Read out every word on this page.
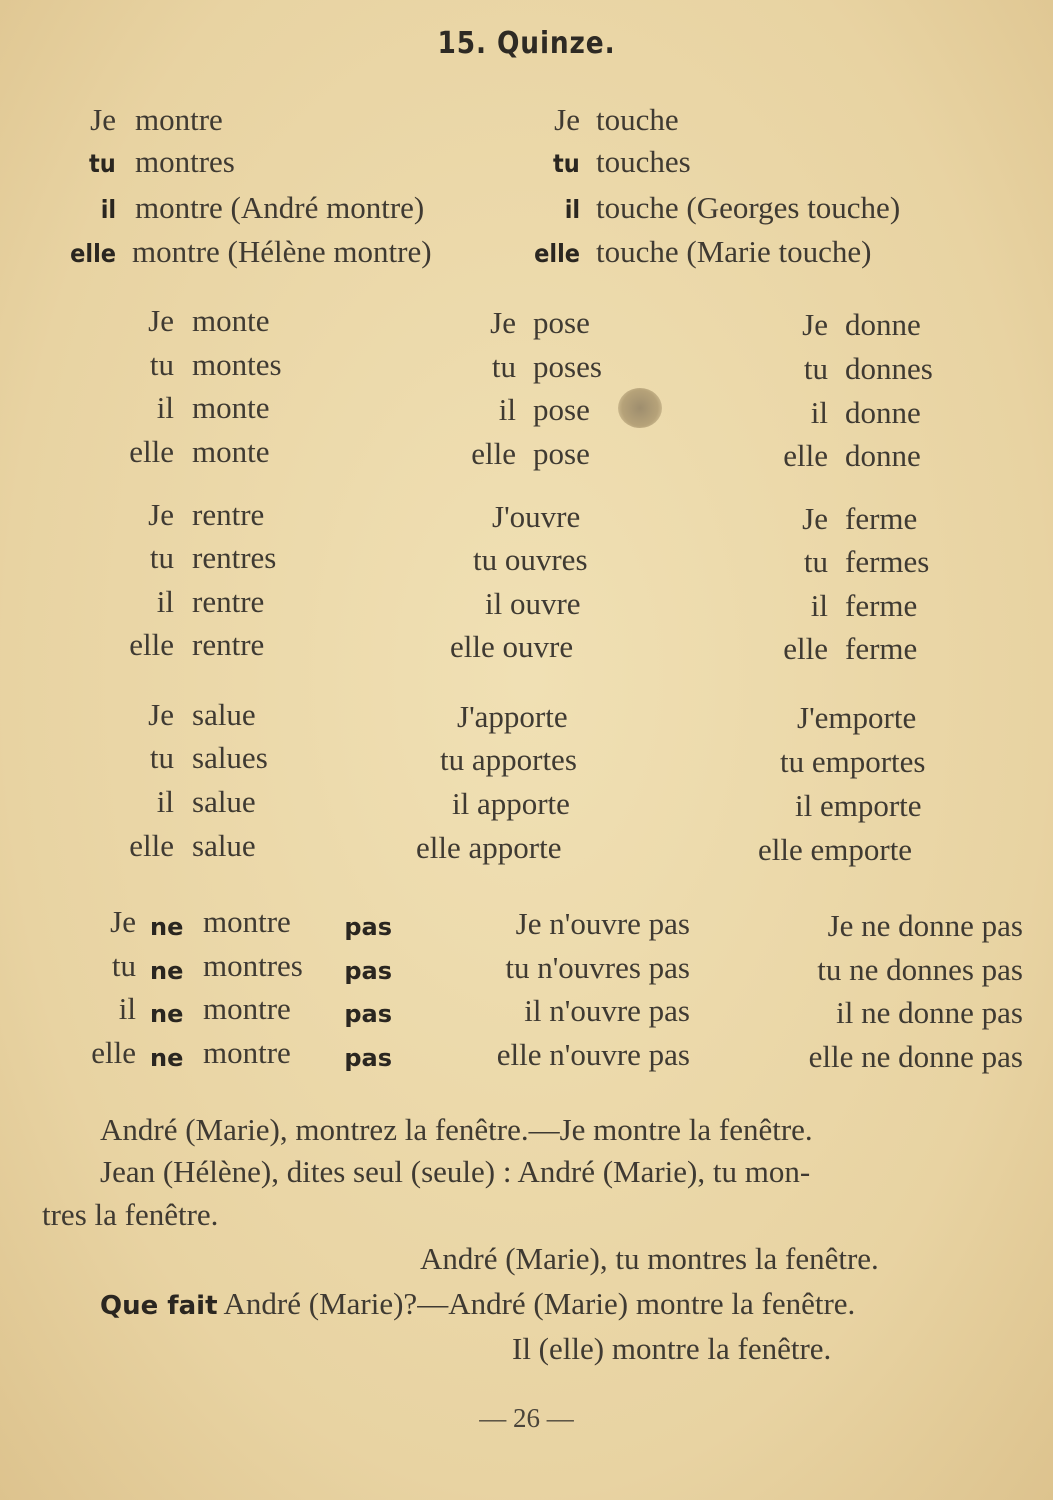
15. Quinze.
Je montre
tu montres
il montre (André montre)
elle montre (Hélène montre)
Je touche
tu touches
il touche (Georges touche)
elle touche (Marie touche)
Je monte
tu montes
il monte
elle monte
Je pose
tu poses
il pose
elle pose
Je donne
tu donnes
il donne
elle donne
Je rentre
tu rentres
il rentre
elle rentre
J'ouvre
tu ouvres
il ouvre
elle ouvre
Je ferme
tu fermes
il ferme
elle ferme
Je salue
tu salues
il salue
elle salue
J'apporte
tu apportes
il apporte
elle apporte
J'emporte
tu emportes
il emporte
elle emporte
Je ne montre	pas
tu ne montres	pas
il ne montre	pas
elle ne montre	pas
Je n'ouvre pas
tu n'ouvres pas
il n'ouvre pas
elle n'ouvre pas
Je ne donne pas
tu ne donnes pas
il ne donne pas
elle ne donne pas
André (Marie), montrez la fenêtre.—Je montre la fenêtre.
Jean (Hélène), dites seul (seule) : André (Marie), tu mon-
tres la fenêtre.
André (Marie), tu montres la fenêtre.
Que fait André (Marie)?—André (Marie) montre la fenêtre.
Il (elle) montre la fenêtre.
— 26 —
